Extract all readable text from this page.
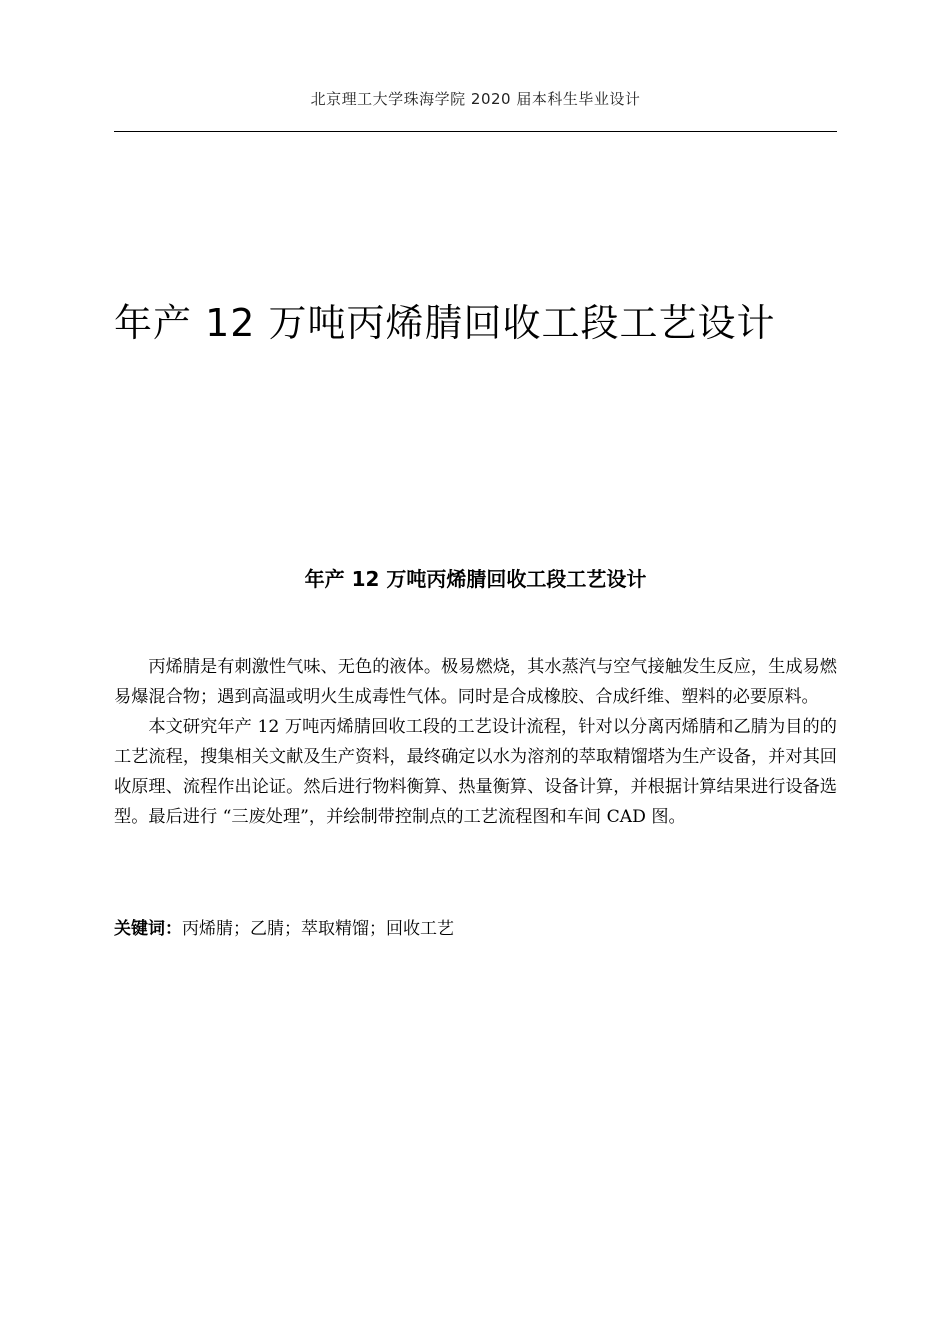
北京理工大学珠海学院 2020 届本科生毕业设计
年产 12 万吨丙烯腈回收工段工艺设计
年产 12 万吨丙烯腈回收工段工艺设计

丙烯腈是有刺激性气味、无色的液体。极易燃烧，其水蒸汽与空气接触发生反应，生成易燃易爆混合物；遇到高温或明火生成毒性气体。同时是合成橡胶、合成纤维、塑料的必要原料。

本文研究年产 12 万吨丙烯腈回收工段的工艺设计流程，针对以分离丙烯腈和乙腈为目的的工艺流程，搜集相关文献及生产资料，最终确定以水为溶剂的萃取精馏塔为生产设备，并对其回收原理、流程作出论证。然后进行物料衡算、热量衡算、设备计算，并根据计算结果进行设备选型。最后进行 “三废处理”，并绘制带控制点的工艺流程图和车间 CAD 图。

关键词：丙烯腈；乙腈；萃取精馏；回收工艺
